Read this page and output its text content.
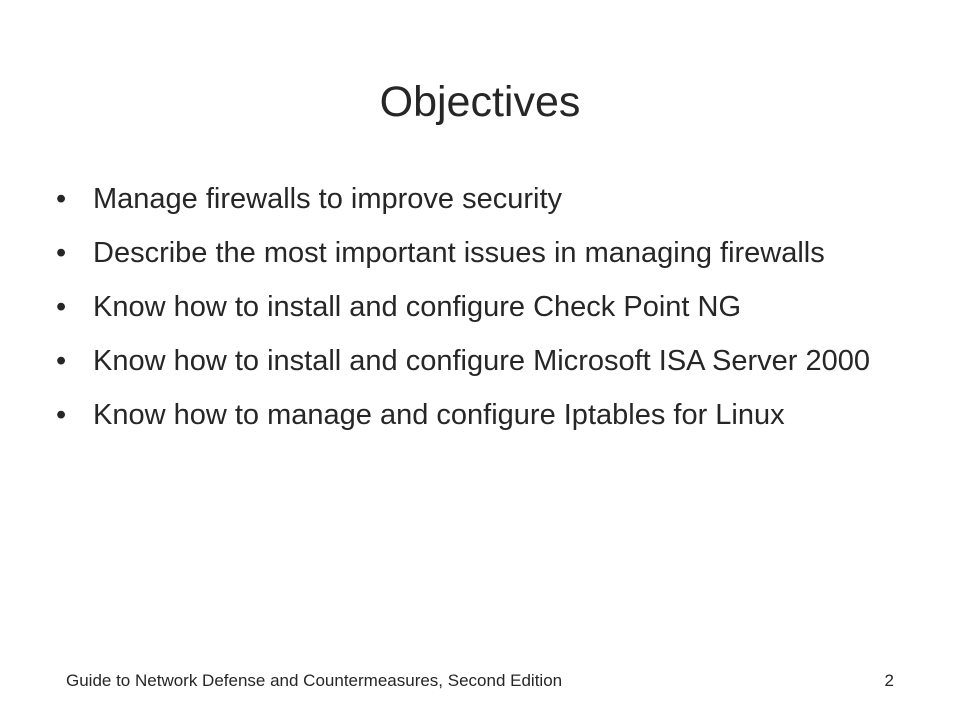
Objectives
• Manage firewalls to improve security
• Describe the most important issues in managing firewalls
• Know how to install and configure Check Point NG
• Know how to install and configure Microsoft ISA Server 2000
• Know how to manage and configure Iptables for Linux
Guide to Network Defense and Countermeasures, Second Edition	2
